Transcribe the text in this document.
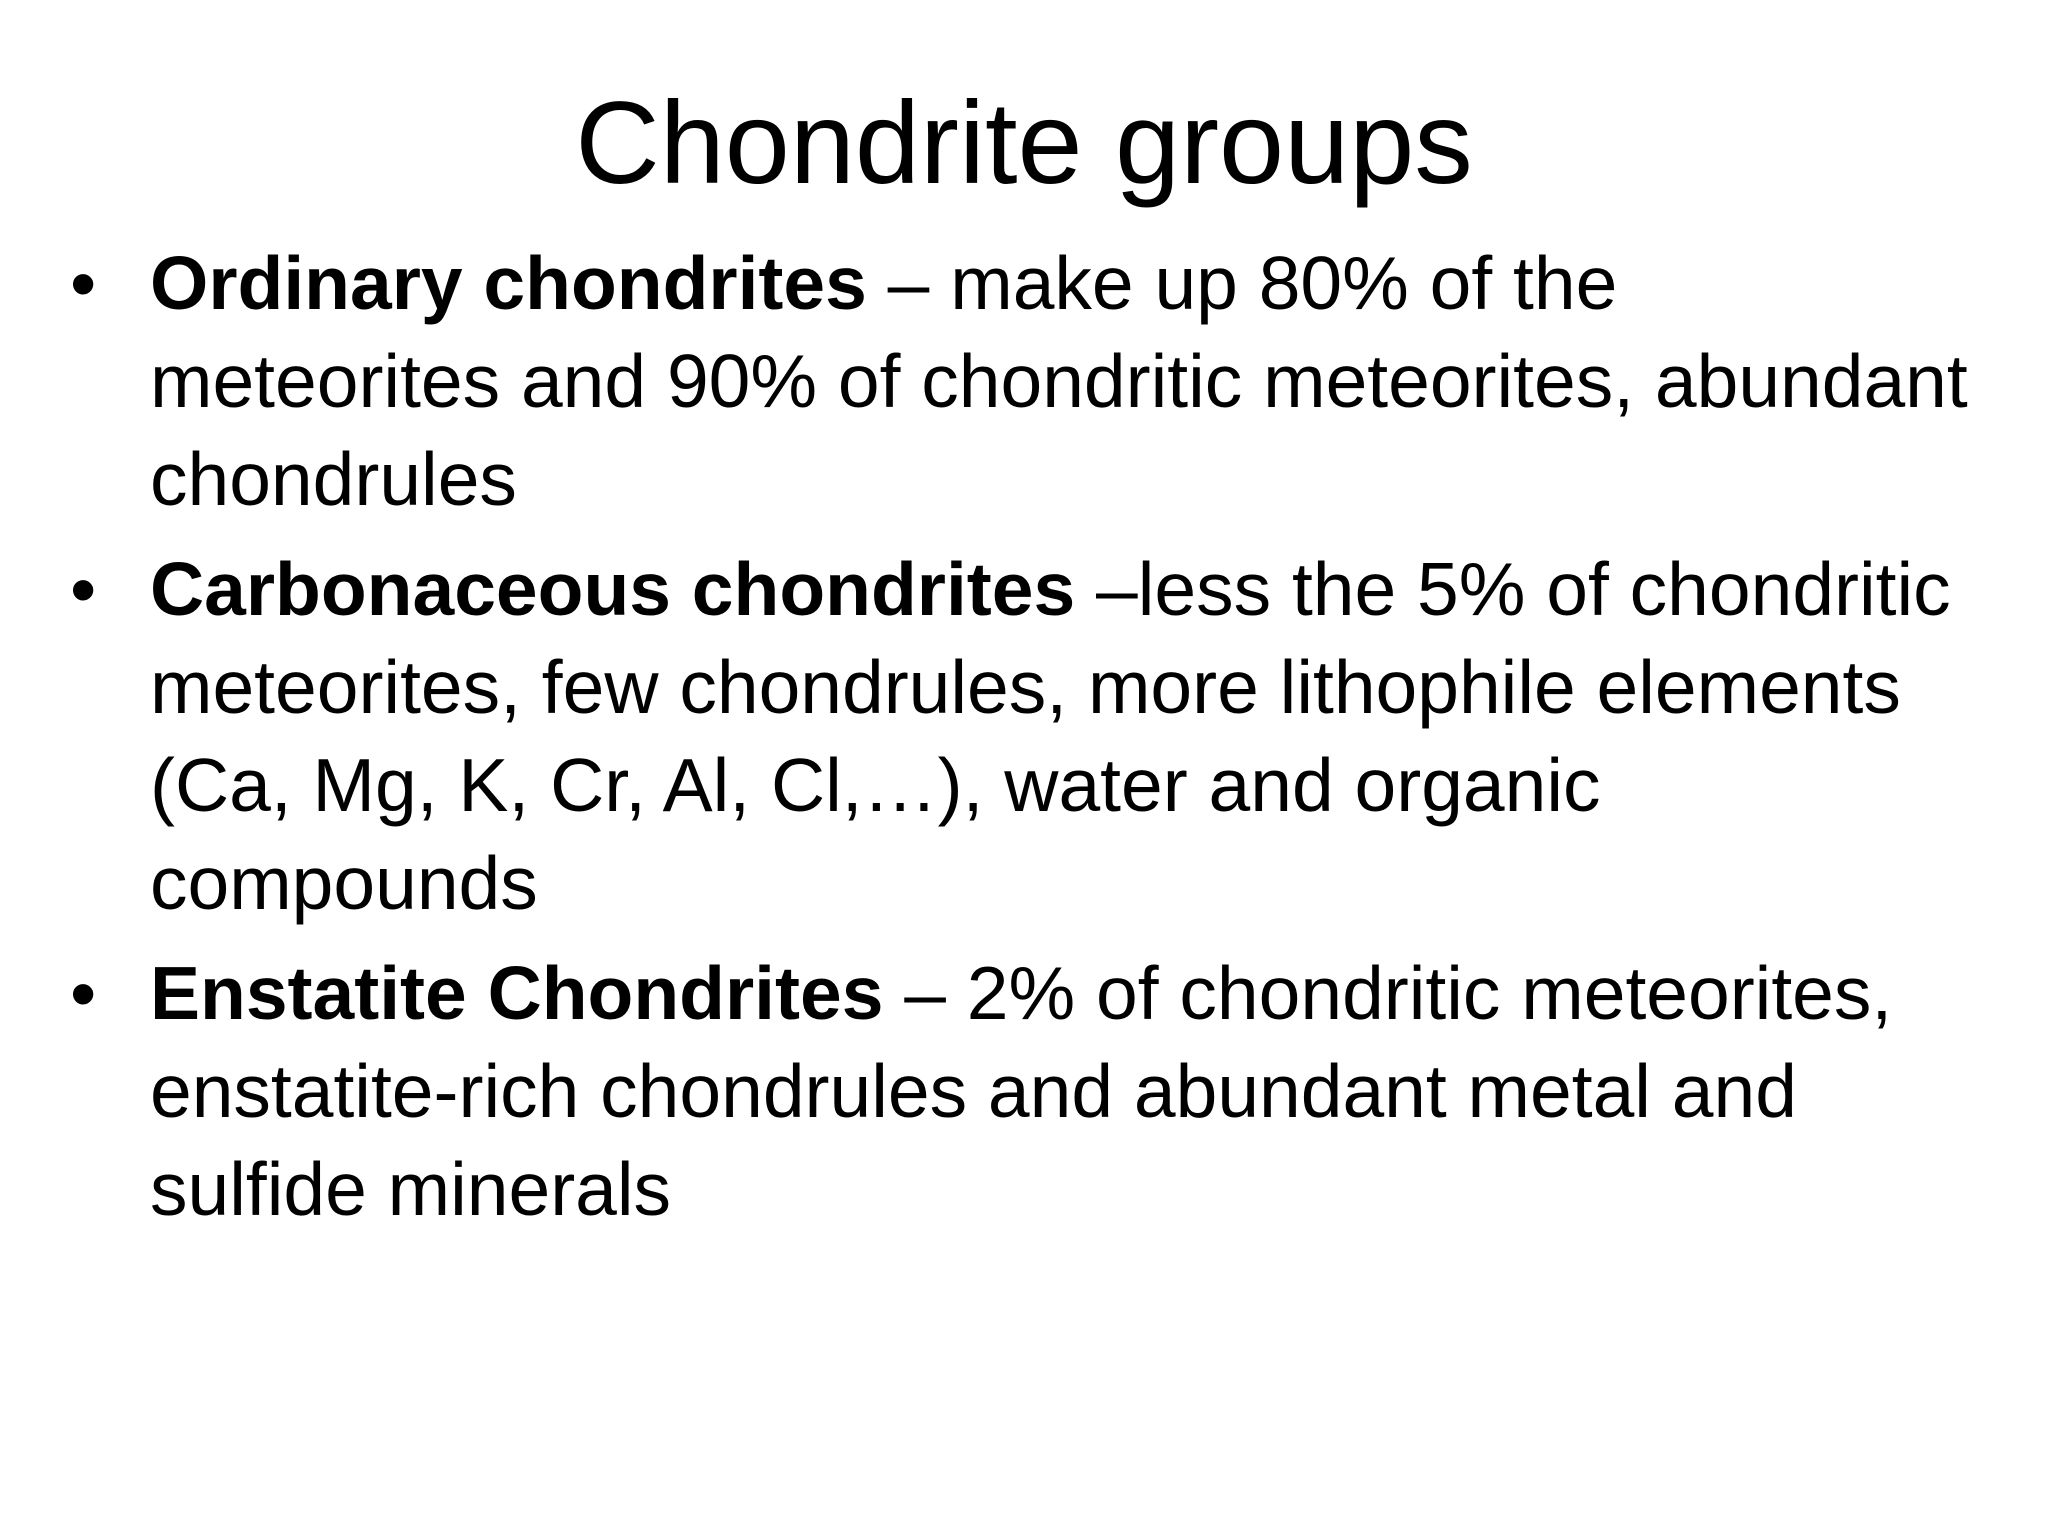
Chondrite groups
• Ordinary chondrites – make up 80% of the meteorites and 90% of chondritic meteorites, abundant chondrules
• Carbonaceous chondrites –less the 5% of chondritic meteorites, few chondrules, more lithophile elements (Ca, Mg, K, Cr, Al, Cl,…), water and organic compounds
• Enstatite Chondrites – 2% of chondritic meteorites, enstatite-rich chondrules and abundant metal and sulfide minerals
